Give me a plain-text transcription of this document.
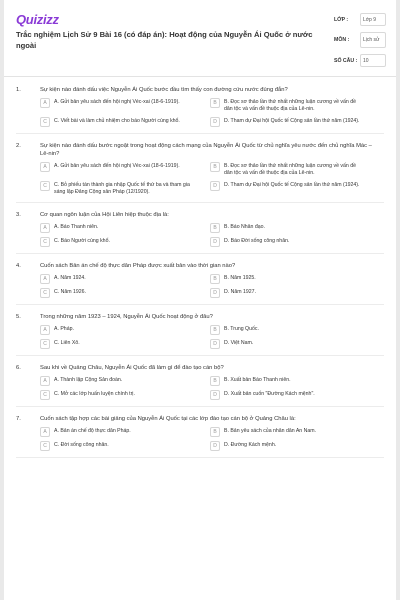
Quizizz
Trắc nghiệm Lịch Sử 9 Bài 16 (có đáp án): Hoạt động của Nguyễn Ái Quốc ở nước ngoài
LỚP :	Lớp 9
MÔN :	Lịch sử
SỐ CÂU :	10
1.	Sự kiện nào đánh dấu việc Nguyễn Ái Quốc bước đầu tìm thấy con đường cứu nước đúng đắn?
A	A. Gửi bản yêu sách đến hội nghị Véc-xai (18-6-1919).	B	B. Đọc sơ thảo lần thứ nhất những luận cương về vấn đề dân tộc và vấn đề thuộc địa của Lê-nin.
C	C. Viết bài và làm chủ nhiệm cho báo Người cùng khổ.	D	D. Tham dự Đại hội Quốc tế Cộng sản lần thứ năm (1924).
2.	Sự kiện nào đánh dấu bước ngoặt trong hoạt động cách mạng của Nguyễn Ái Quốc từ chủ nghĩa yêu nước đến chủ nghĩa Mác – Lê-nin?
A	A. Gửi bản yêu sách đến hội nghị Véc-xai (18-6-1919).	B	B. Đọc sơ thảo lần thứ nhất những luận cương về vấn đề dân tộc và vấn đề thuộc địa của Lê-nin.
C	C. Bỏ phiếu tán thành gia nhập Quốc tế thứ ba và tham gia sáng lập Đảng Cộng sản Pháp (12/1920).
D	D. Tham dự Đại hội Quốc tế Cộng sản lần thứ năm (1924).
3.	Cơ quan ngôn luận của Hội Liên hiệp thuộc địa là:
A	A. Báo Thanh niên.	B	B. Báo Nhân đạo.
C	C. Báo Người cùng khổ.	D	D. Báo Đời sống công nhân.
4.	Cuốn sách Bản án chế độ thực dân Pháp được xuất bản vào thời gian nào?
A	A. Năm 1924.	B	B. Năm 1925.
C	C. Năm 1926.	D	D. Năm 1927.
5.	Trong những năm 1923 – 1924, Nguyễn Ái Quốc hoạt động ở đâu?
A	A. Pháp.	B	B. Trung Quốc.
C	C. Liên Xô.	D	D. Việt Nam.
6.	Sau khi về Quảng Châu, Nguyễn Ái Quốc đã làm gì để đào tạo cán bộ?
A	A. Thành lập Cộng Sản đoàn.	B	B. Xuất bản Báo Thanh niên.
C	C. Mở các lớp huấn luyện chính trị.	D	D. Xuất bản cuốn "Đường Kách mệnh".
7.	Cuốn sách tập hợp các bài giảng của Nguyễn Ái Quốc tại các lớp đào tạo cán bộ ở Quảng Châu là:
A	A. Bản án chế độ thực dân Pháp.	B	B. Bản yêu sách của nhân dân An Nam.
C	C. Đời sống công nhân.	D	D. Đường Kách mệnh.
